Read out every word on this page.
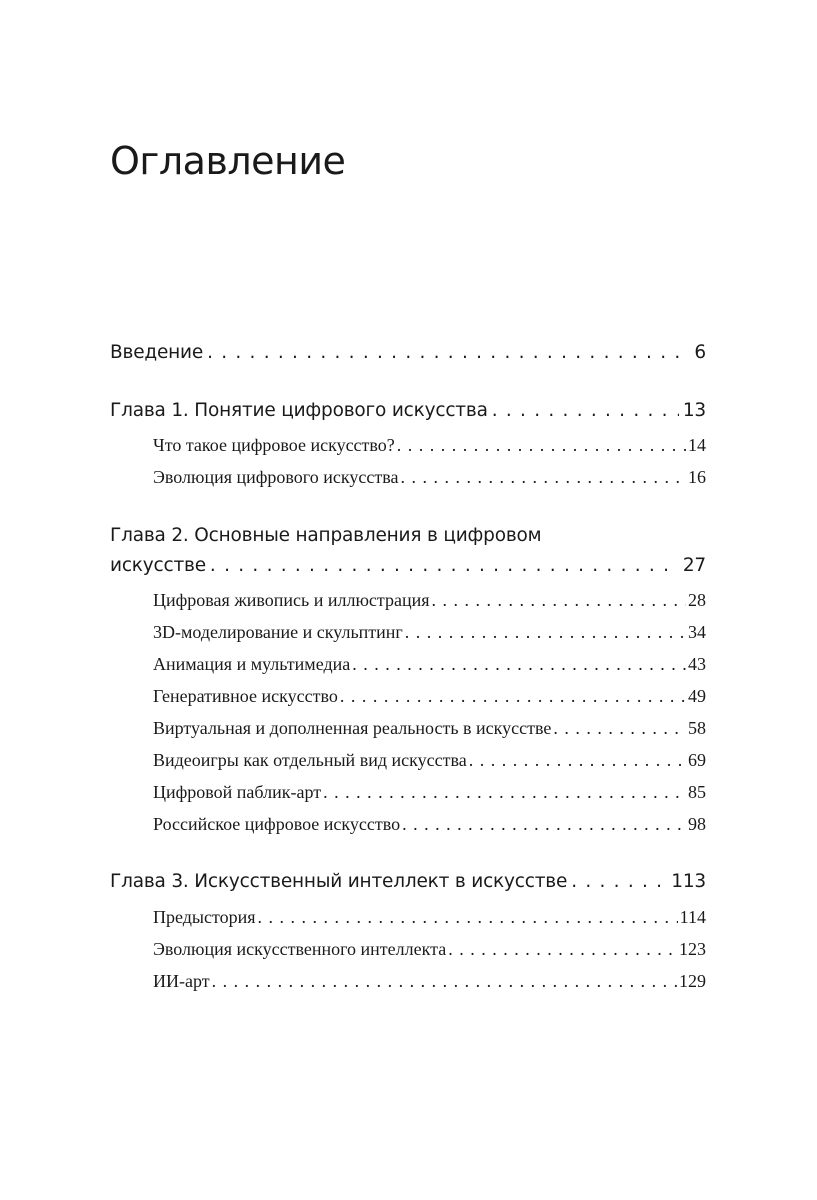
Оглавление
Введение . . .	6
Глава 1. Понятие цифрового искусства . . .	13
Что такое цифровое искусство? . . .	14
Эволюция цифрового искусства . . .	16
Глава 2. Основные направления в цифровом
искусстве . . .	27
Цифровая живопись и иллюстрация . . .	28
3D-моделирование и скульптинг . . .	34
Анимация и мультимедиа . . .	43
Генеративное искусство . . .	49
Виртуальная и дополненная реальность в искусстве . . .	58
Видеоигры как отдельный вид искусства . . .	69
Цифровой паблик-арт . . .	85
Российское цифровое искусство . . .	98
Глава 3. Искусственный интеллект в искусстве . . .	113
Предыстория . . .	114
Эволюция искусственного интеллекта . . .	123
ИИ-арт . . .	129
